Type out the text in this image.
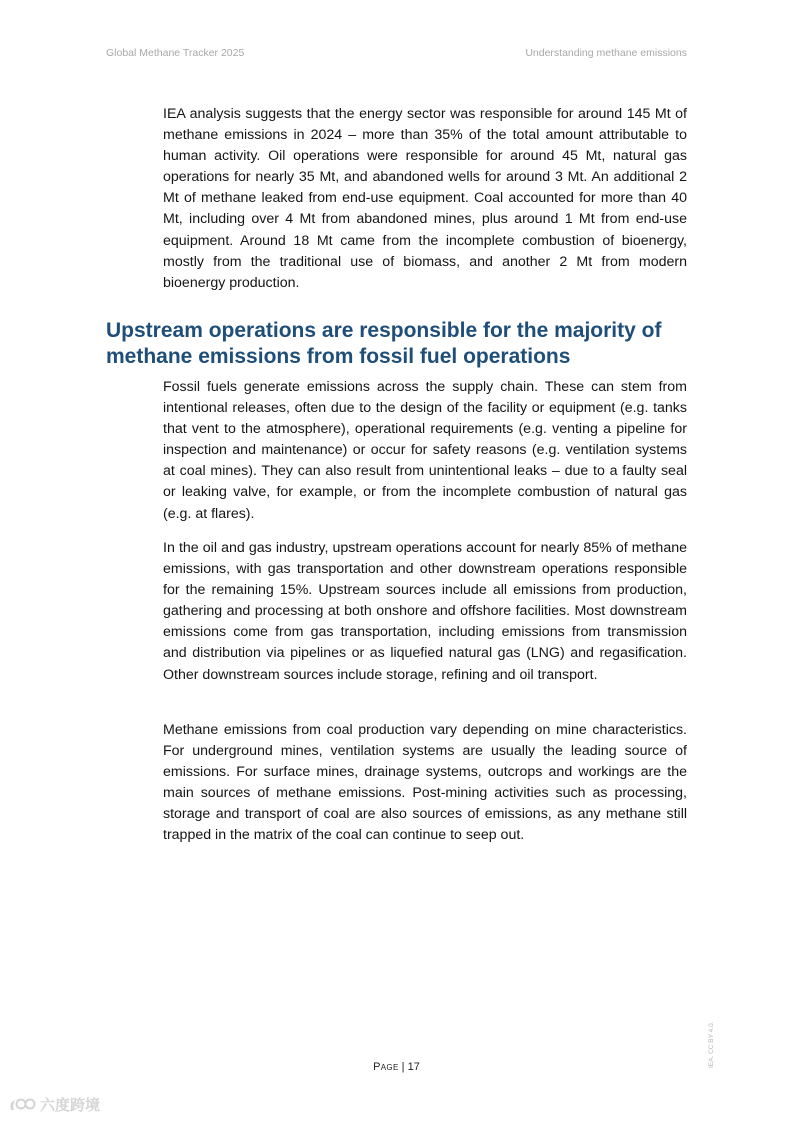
Global Methane Tracker 2025	Understanding methane emissions

IEA analysis suggests that the energy sector was responsible for around 145 Mt of methane emissions in 2024 – more than 35% of the total amount attributable to human activity. Oil operations were responsible for around 45 Mt, natural gas operations for nearly 35 Mt, and abandoned wells for around 3 Mt. An additional 2 Mt of methane leaked from end-use equipment. Coal accounted for more than 40 Mt, including over 4 Mt from abandoned mines, plus around 1 Mt from end-use equipment. Around 18 Mt came from the incomplete combustion of bioenergy, mostly from the traditional use of biomass, and another 2 Mt from modern bioenergy production.

Upstream operations are responsible for the majority of methane emissions from fossil fuel operations

Fossil fuels generate emissions across the supply chain. These can stem from intentional releases, often due to the design of the facility or equipment (e.g. tanks that vent to the atmosphere), operational requirements (e.g. venting a pipeline for inspection and maintenance) or occur for safety reasons (e.g. ventilation systems at coal mines). They can also result from unintentional leaks – due to a faulty seal or leaking valve, for example, or from the incomplete combustion of natural gas (e.g. at flares).

In the oil and gas industry, upstream operations account for nearly 85% of methane emissions, with gas transportation and other downstream operations responsible for the remaining 15%. Upstream sources include all emissions from production, gathering and processing at both onshore and offshore facilities. Most downstream emissions come from gas transportation, including emissions from transmission and distribution via pipelines or as liquefied natural gas (LNG) and regasification. Other downstream sources include storage, refining and oil transport.

Methane emissions from coal production vary depending on mine characteristics. For underground mines, ventilation systems are usually the leading source of emissions. For surface mines, drainage systems, outcrops and workings are the main sources of methane emissions. Post-mining activities such as processing, storage and transport of coal are also sources of emissions, as any methane still trapped in the matrix of the coal can continue to seep out.

Page | 17	IEA. CC BY 4.0.
六度跨境
